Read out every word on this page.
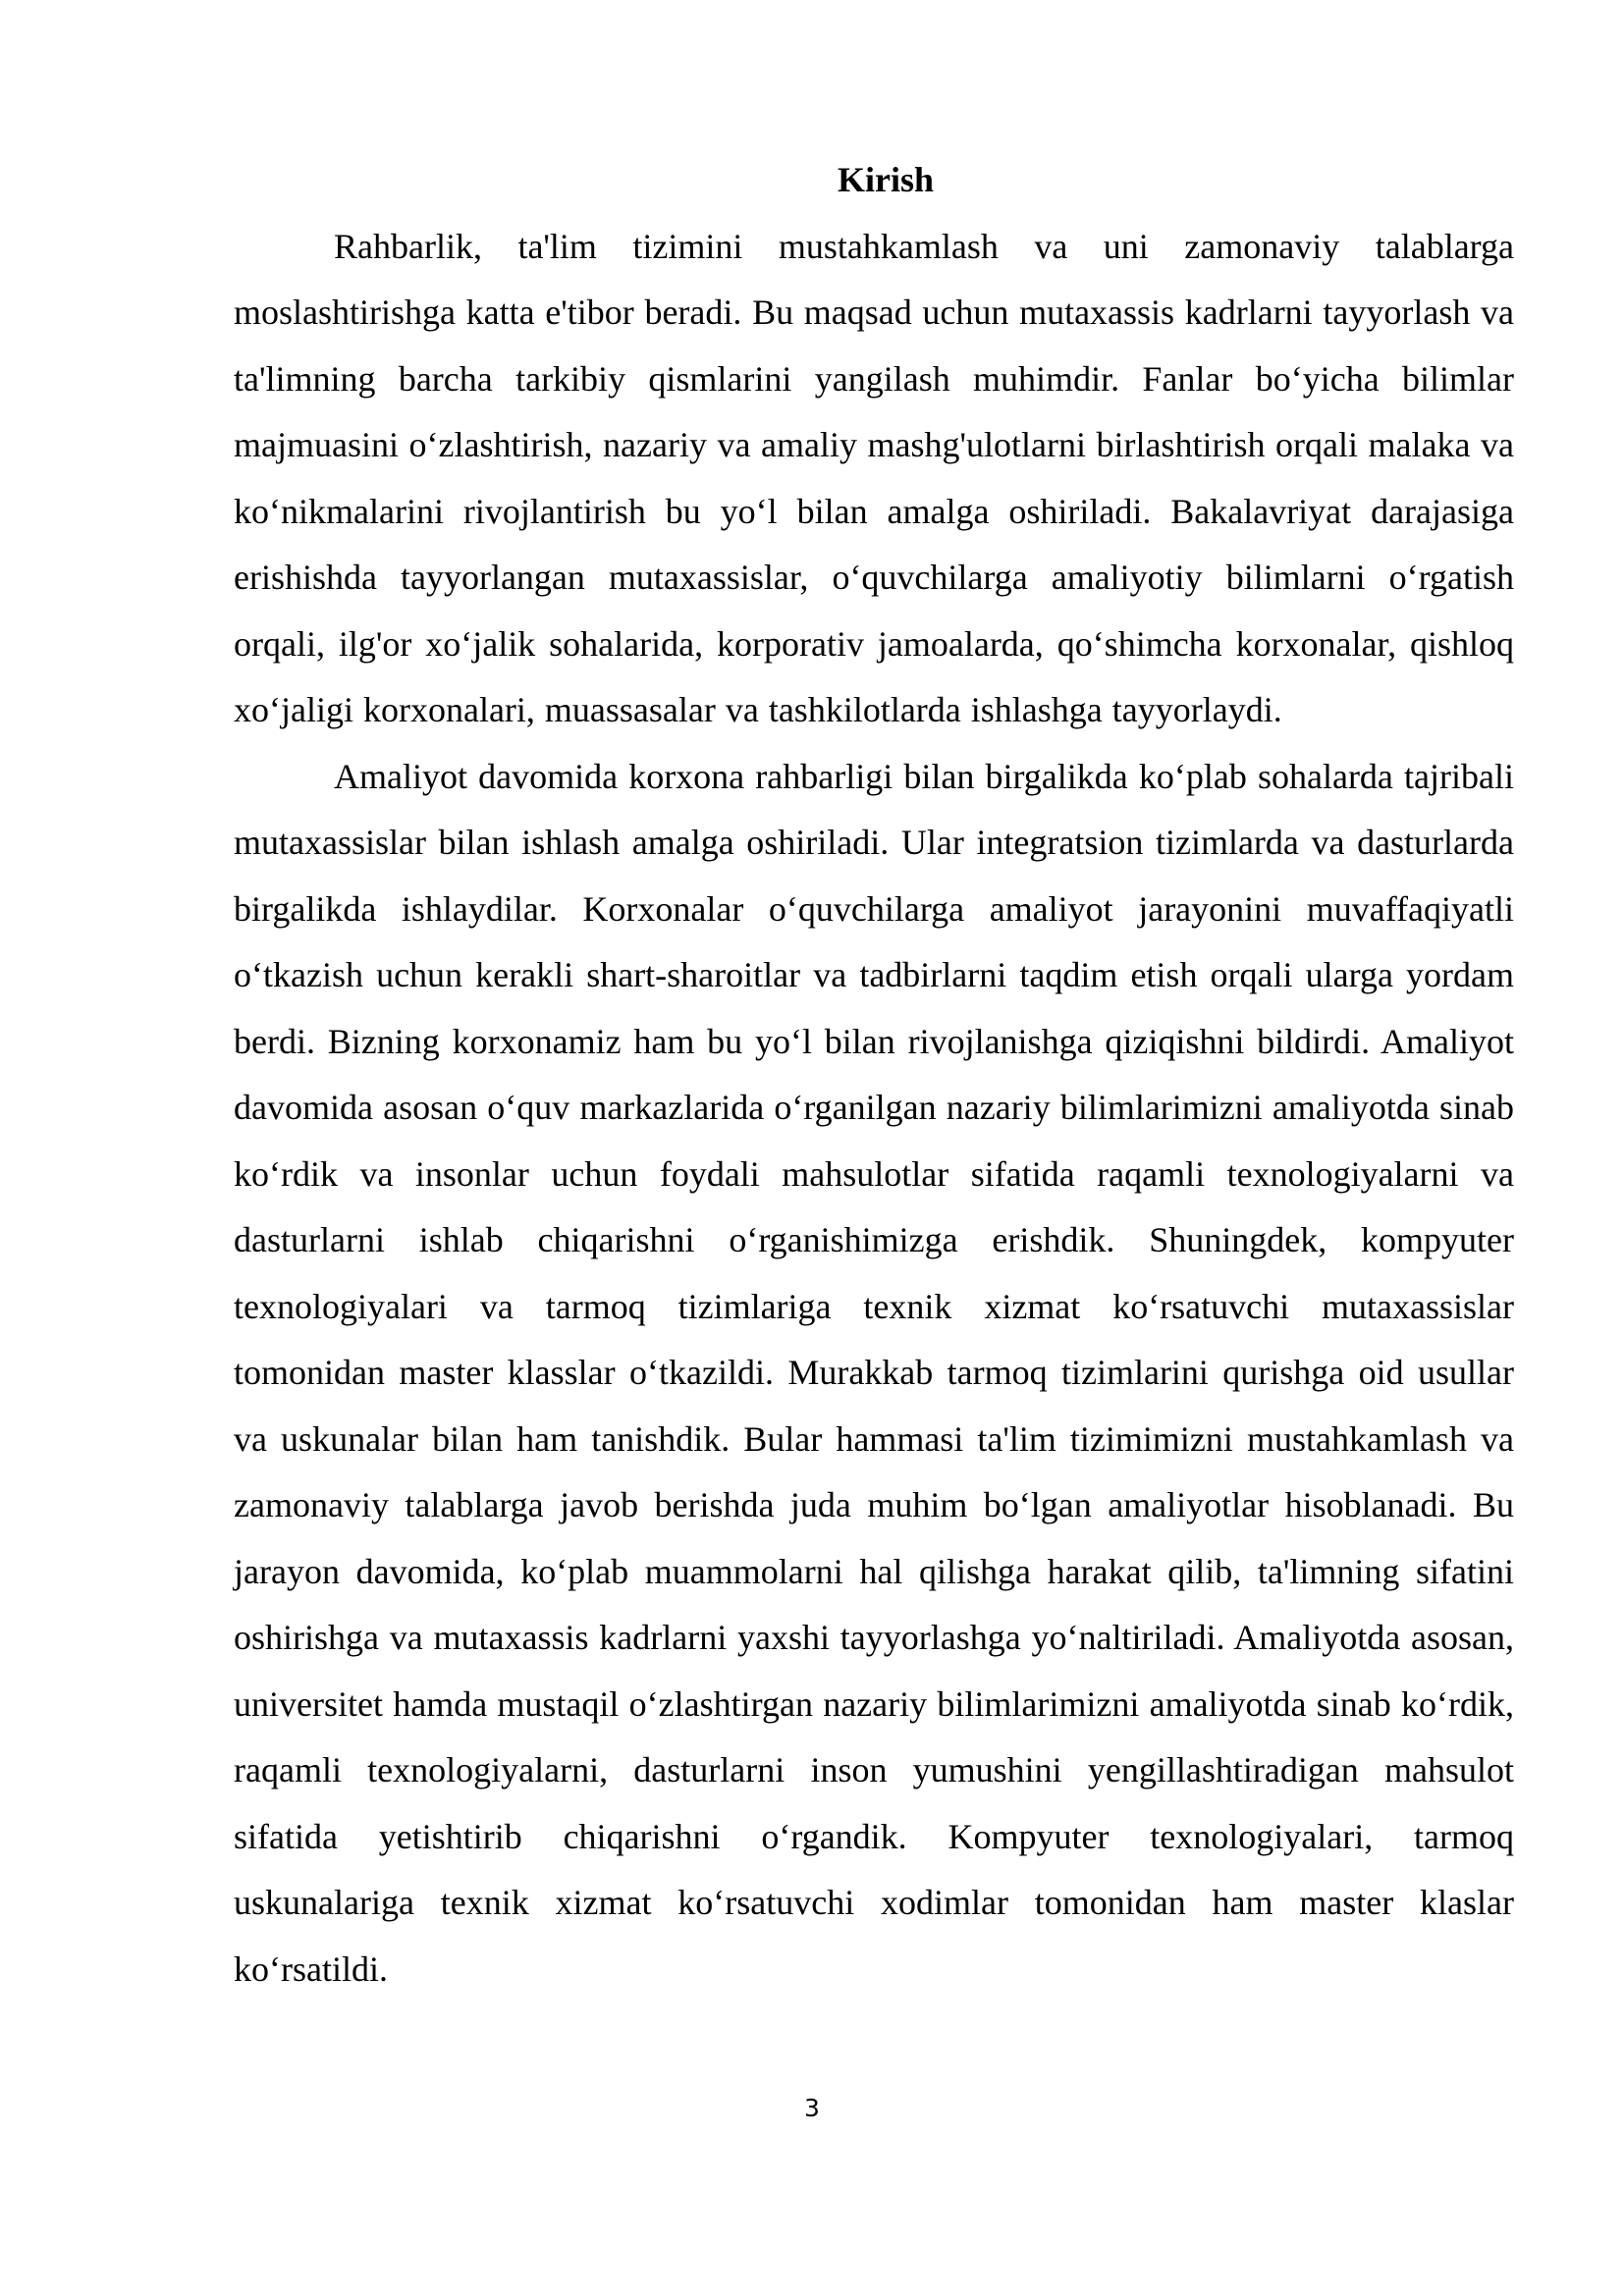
Kirish

Rahbarlik, ta'lim tizimini mustahkamlash va uni zamonaviy talablarga moslashtirishga katta e'tibor beradi. Bu maqsad uchun mutaxassis kadrlarni tayyorlash va ta'limning barcha tarkibiy qismlarini yangilash muhimdir. Fanlar bo‘yicha bilimlar majmuasini o‘zlashtirish, nazariy va amaliy mashg'ulotlarni birlashtirish orqali malaka va ko‘nikmalarini rivojlantirish bu yo‘l bilan amalga oshiriladi. Bakalavriyat darajasiga erishishda tayyorlangan mutaxassislar, o‘quvchilarga amaliyotiy bilimlarni o‘rgatish orqali, ilg'or xo‘jalik sohalarida, korporativ jamoalarda, qo‘shimcha korxonalar, qishloq xo‘jaligi korxonalari, muassasalar va tashkilotlarda ishlashga tayyorlaydi.

Amaliyot davomida korxona rahbarligi bilan birgalikda ko‘plab sohalarda tajribali mutaxassislar bilan ishlash amalga oshiriladi. Ular integratsion tizimlarda va dasturlarda birgalikda ishlaydilar. Korxonalar o‘quvchilarga amaliyot jarayonini muvaffaqiyatli o‘tkazish uchun kerakli shart-sharoitlar va tadbirlarni taqdim etish orqali ularga yordam berdi. Bizning korxonamiz ham bu yo‘l bilan rivojlanishga qiziqishni bildirdi. Amaliyot davomida asosan o‘quv markazlarida o‘rganilgan nazariy bilimlarimizni amaliyotda sinab ko‘rdik va insonlar uchun foydali mahsulotlar sifatida raqamli texnologiyalarni va dasturlarni ishlab chiqarishni o‘rganishimizga erishdik. Shuningdek, kompyuter texnologiyalari va tarmoq tizimlariga texnik xizmat ko‘rsatuvchi mutaxassislar tomonidan master klasslar o‘tkazildi. Murakkab tarmoq tizimlarini qurishga oid usullar va uskunalar bilan ham tanishdik. Bular hammasi ta'lim tizimimizni mustahkamlash va zamonaviy talablarga javob berishda juda muhim bo‘lgan amaliyotlar hisoblanadi. Bu jarayon davomida, ko‘plab muammolarni hal qilishga harakat qilib, ta'limning sifatini oshirishga va mutaxassis kadrlarni yaxshi tayyorlashga yo‘naltiriladi. Amaliyotda asosan, universitet hamda mustaqil o‘zlashtirgan nazariy bilimlarimizni amaliyotda sinab ko‘rdik, raqamli texnologiyalarni, dasturlarni inson yumushini yengillashtiradigan mahsulot sifatida yetishtirib chiqarishni o‘rgandik. Kompyuter texnologiyalari, tarmoq uskunalariga texnik xizmat ko‘rsatuvchi xodimlar tomonidan ham master klaslar ko‘rsatildi.

3
